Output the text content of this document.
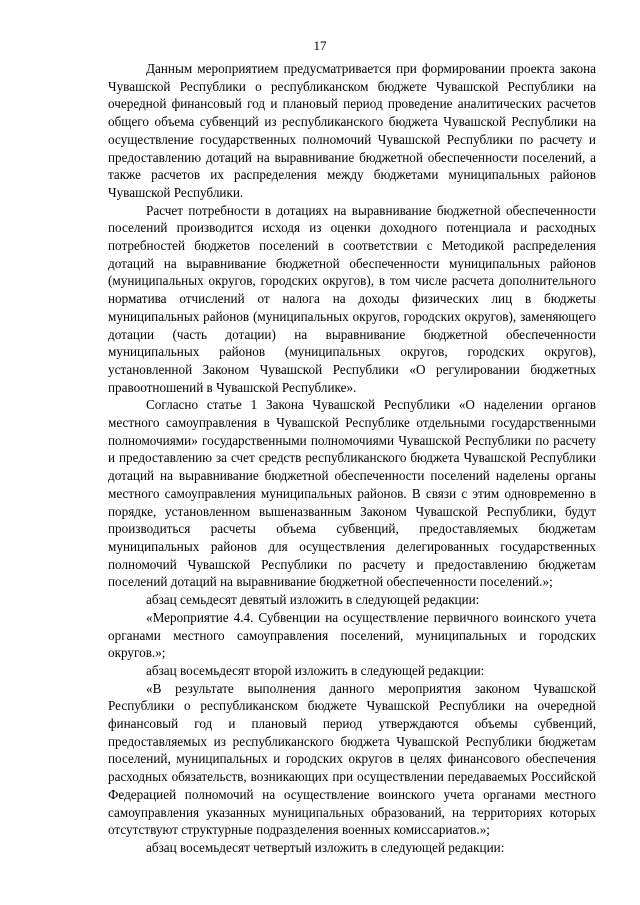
17

Данным мероприятием предусматривается при формировании проекта закона Чувашской Республики о республиканском бюджете Чувашской Республики на очередной финансовый год и плановый период проведение аналитических расчетов общего объема субвенций из республиканского бюджета Чувашской Республики на осуществление государственных полномочий Чувашской Республики по расчету и предоставлению дотаций на выравнивание бюджетной обеспеченности поселений, а также расчетов их распределения между бюджетами муниципальных районов Чувашской Республики.

Расчет потребности в дотациях на выравнивание бюджетной обеспеченности поселений производится исходя из оценки доходного потенциала и расходных потребностей бюджетов поселений в соответствии с Методикой распределения дотаций на выравнивание бюджетной обеспеченности муниципальных районов (муниципальных округов, городских округов), в том числе расчета дополнительного норматива отчислений от налога на доходы физических лиц в бюджеты муниципальных районов (муниципальных округов, городских округов), заменяющего дотации (часть дотации) на выравнивание бюджетной обеспеченности муниципальных районов (муниципальных округов, городских округов), установленной Законом Чувашской Республики «О регулировании бюджетных правоотношений в Чувашской Республике».

Согласно статье 1 Закона Чувашской Республики «О наделении органов местного самоуправления в Чувашской Республике отдельными государственными полномочиями» государственными полномочиями Чувашской Республики по расчету и предоставлению за счет средств республиканского бюджета Чувашской Республики дотаций на выравнивание бюджетной обеспеченности поселений наделены органы местного самоуправления муниципальных районов. В связи с этим одновременно в порядке, установленном вышеназванным Законом Чувашской Республики, будут производиться расчеты объема субвенций, предоставляемых бюджетам муниципальных районов для осуществления делегированных государственных полномочий Чувашской Республики по расчету и предоставлению бюджетам поселений дотаций на выравнивание бюджетной обеспеченности поселений.»;

абзац семьдесят девятый изложить в следующей редакции:

«Мероприятие 4.4. Субвенции на осуществление первичного воинского учета органами местного самоуправления поселений, муниципальных и городских округов.»;

абзац восемьдесят второй изложить в следующей редакции:

«В результате выполнения данного мероприятия законом Чувашской Республики о республиканском бюджете Чувашской Республики на очередной финансовый год и плановый период утверждаются объемы субвенций, предоставляемых из республиканского бюджета Чувашской Республики бюджетам поселений, муниципальных и городских округов в целях финансового обеспечения расходных обязательств, возникающих при осуществлении передаваемых Российской Федерацией полномочий на осуществление воинского учета органами местного самоуправления указанных муниципальных образований, на территориях которых отсутствуют структурные подразделения военных комиссариатов.»;

абзац восемьдесят четвертый изложить в следующей редакции:
